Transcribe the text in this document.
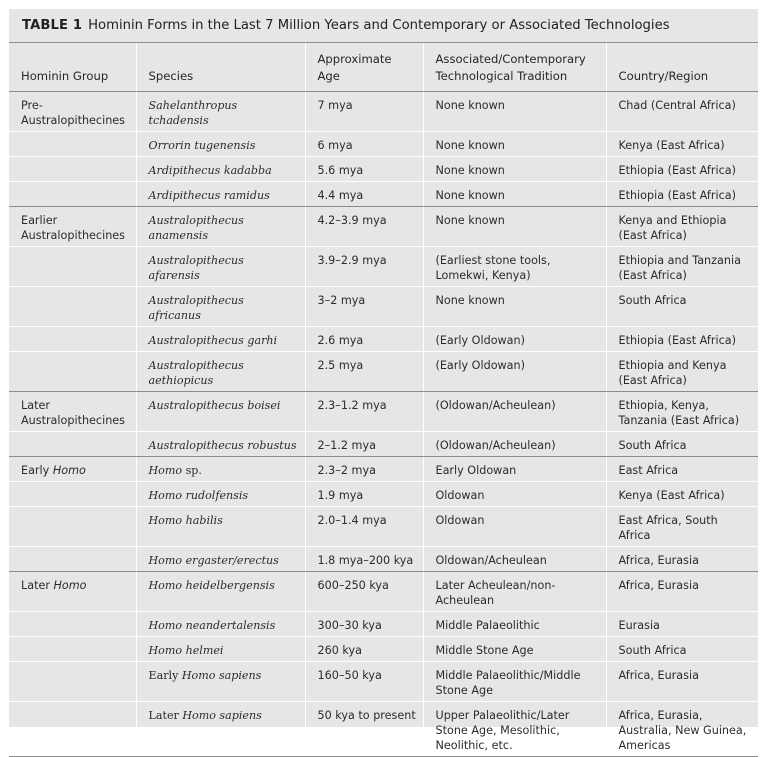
TABLE 1 Hominin Forms in the Last 7 Million Years and Contemporary or Associated Technologies
Hominin Group	Species	Approximate Age	Associated/Contemporary Technological Tradition	Country/Region
Pre-Australopithecines	Sahelanthropus tchadensis	7 mya	None known	Chad (Central Africa)
	Orrorin tugenensis	6 mya	None known	Kenya (East Africa)
	Ardipithecus kadabba	5.6 mya	None known	Ethiopia (East Africa)
	Ardipithecus ramidus	4.4 mya	None known	Ethiopia (East Africa)
Earlier Australopithecines	Australopithecus anamensis	4.2–3.9 mya	None known	Kenya and Ethiopia (East Africa)
	Australopithecus afarensis	3.9–2.9 mya	(Earliest stone tools, Lomekwi, Kenya)	Ethiopia and Tanzania (East Africa)
	Australopithecus africanus	3–2 mya	None known	South Africa
	Australopithecus garhi	2.6 mya	(Early Oldowan)	Ethiopia (East Africa)
	Australopithecus aethiopicus	2.5 mya	(Early Oldowan)	Ethiopia and Kenya (East Africa)
Later Australopithecines	Australopithecus boisei	2.3–1.2 mya	(Oldowan/Acheulean)	Ethiopia, Kenya, Tanzania (East Africa)
	Australopithecus robustus	2–1.2 mya	(Oldowan/Acheulean)	South Africa
Early Homo	Homo sp.	2.3–2 mya	Early Oldowan	East Africa
	Homo rudolfensis	1.9 mya	Oldowan	Kenya (East Africa)
	Homo habilis	2.0–1.4 mya	Oldowan	East Africa, South Africa
	Homo ergaster/erectus	1.8 mya–200 kya	Oldowan/Acheulean	Africa, Eurasia
Later Homo	Homo heidelbergensis	600–250 kya	Later Acheulean/non-Acheulean	Africa, Eurasia
	Homo neandertalensis	300–30 kya	Middle Palaeolithic	Eurasia
	Homo helmei	260 kya	Middle Stone Age	South Africa
	Early Homo sapiens	160–50 kya	Middle Palaeolithic/Middle Stone Age	Africa, Eurasia
	Later Homo sapiens	50 kya to present	Upper Palaeolithic/Later Stone Age, Mesolithic, Neolithic, etc.	Africa, Eurasia, Australia, New Guinea, Americas
